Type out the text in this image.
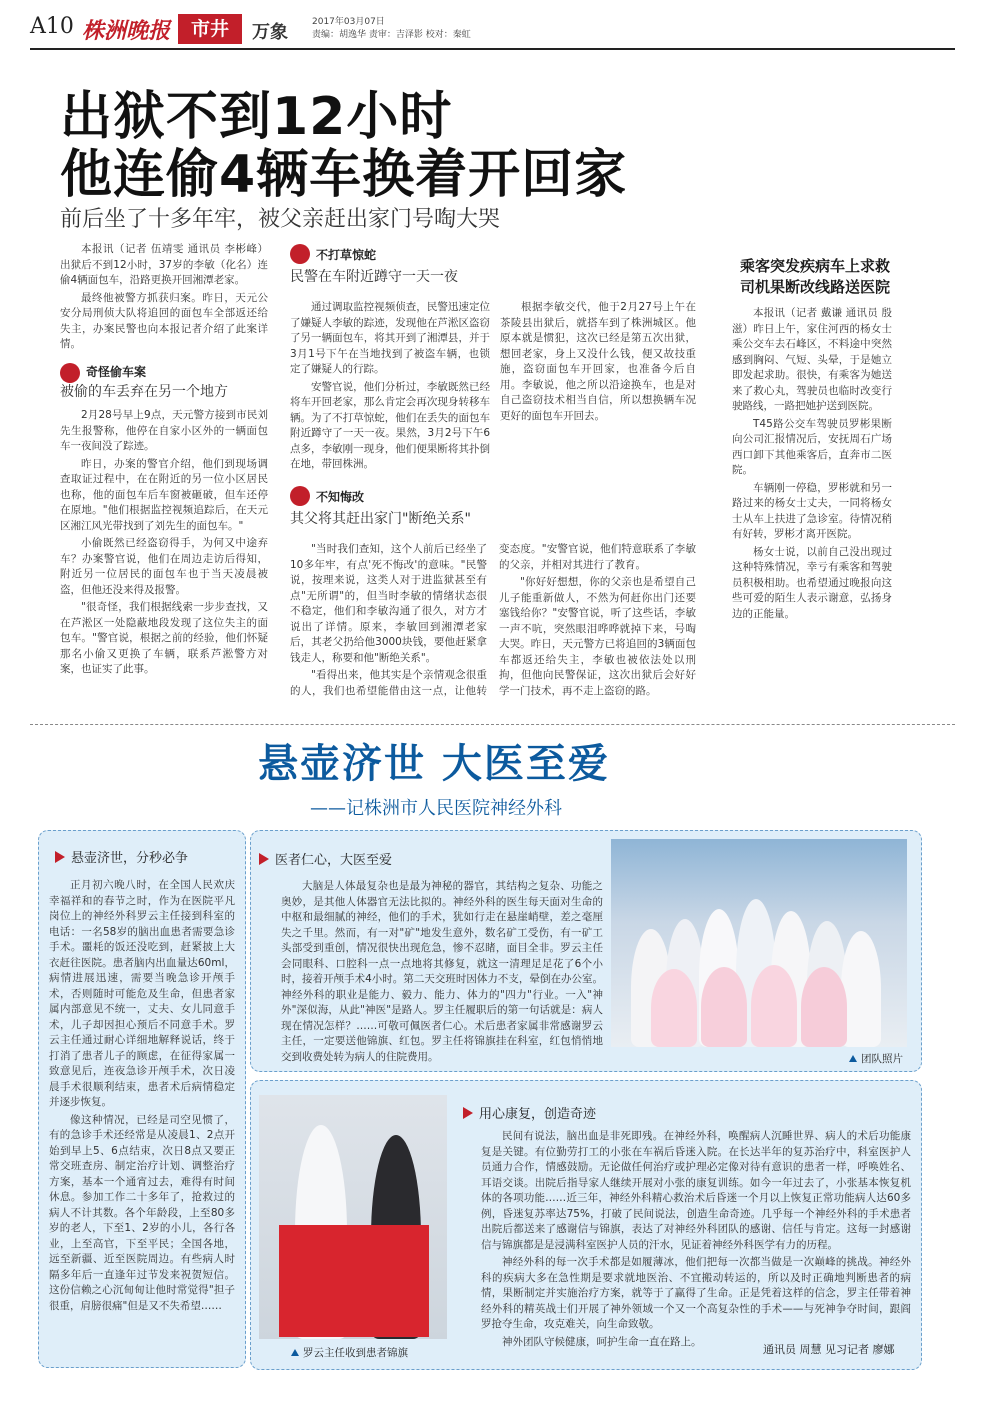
A10 株洲晚报	市井	万象	2017年03月07日
责编：胡逸华 责审：吉泽影 校对：秦虹
出狱不到12小时
他连偷4辆车换着开回家
前后坐了十多年牢，被父亲赶出家门号啕大哭

本报讯（记者 伍靖雯 通讯员 李彬峰）出狱后不到12小时，37岁的李敏（化名）连偷4辆面包车，沿路更换开回湘潭老家。

最终他被警方抓获归案。昨日，天元公安分局刑侦大队将追回的面包车全部返还给失主，办案民警也向本报记者介绍了此案详情。

奇怪偷车案
被偷的车丢弃在另一个地方

2月28号早上9点，天元警方接到市民刘先生报警称，他停在自家小区外的一辆面包车一夜间没了踪迹。

昨日，办案的警官介绍，他们到现场调查取证过程中，在在附近的另一位小区居民也称，他的面包车后车窗被砸破，但车还停在原地。"他们根据监控视频追踪后，在天元区湘江风光带找到了刘先生的面包车。"

小偷既然已经盗窃得手，为何又中途弃车？办案警官说，他们在周边走访后得知，附近另一位居民的面包车也于当天凌晨被盗，但他还没来得及报警。

"很奇怪，我们根据线索一步步查找，又在芦淞区一处隐蔽地段发现了这位失主的面包车。"警官说，根据之前的经验，他们怀疑那名小偷又更换了车辆，联系芦淞警方对案，也证实了此事。

不打草惊蛇
民警在车附近蹲守一天一夜

通过调取监控视频侦查，民警迅速定位了嫌疑人李敏的踪迹，发现他在芦淞区盗窃了另一辆面包车，将其开到了湘潭县，并于3月1号下午在当地找到了被盗车辆，也锁定了嫌疑人的行踪。

安警官说，他们分析过，李敏既然已经将车开回老家，那么肯定会再次现身转移车辆。为了不打草惊蛇，他们在丢失的面包车附近蹲守了一天一夜。果然，3月2号下午6点多，李敏刚一现身，他们便果断将其扑倒在地，带回株洲。

根据李敏交代，他于2月27号上午在茶陵县出狱后，就搭车到了株洲城区。他原本就是惯犯，这次已经是第五次出狱，想回老家，身上又没什么钱，便又故技重施，盗窃面包车开回家，也准备今后自用。李敏说，他之所以沿途换车，也是对自己盗窃技术相当自信，所以想换辆车况更好的面包车开回去。

不知悔改
其父将其赶出家门"断绝关系"

"当时我们查知，这个人前后已经坐了10多年牢，有点'死不悔改'的意味。"民警说，按理来说，这类人对于进监狱甚至有点"无所谓"的，但当时李敏的情绪状态很不稳定，他们和李敏沟通了很久，对方才说出了详情。原来，李敏回到湘潭老家后，其老父扔给他3000块钱，要他赶紧拿钱走人，称要和他"断绝关系"。

"看得出来，他其实是个亲情观念很重的人，我们也希望能借由这一点，让他转变态度。"安警官说，他们特意联系了李敏的父亲，并相对其进行了教育。

"你好好想想，你的父亲也是希望自己儿子能重新做人，不然为何赶你出门还要塞钱给你？"安警官说，听了这些话，李敏一声不吭，突然眼泪哗哗就掉下来，号啕大哭。昨日，天元警方已将追回的3辆面包车都返还给失主，李敏也被依法处以刑拘，但他向民警保证，这次出狱后会好好学一门技术，再不走上盗窃的路。

乘客突发疾病车上求救
司机果断改线路送医院

本报讯（记者 戴谦 通讯员 殷滋）昨日上午，家住河西的杨女士乘公交车去石峰区，不料途中突然感到胸闷、气短、头晕，于是她立即发起求助。很快，有乘客为她送来了救心丸，驾驶员也临时改变行驶路线，一路把她护送到医院。

T45路公交车驾驶员罗彬果断向公司汇报情况后，安抚周石广场西口卸下其他乘客后，直奔市二医院。

车辆刚一停稳，罗彬就和另一路过来的杨女士丈夫，一同将杨女士从车上扶进了急诊室。待情况稍有好转，罗彬才离开医院。

杨女士说，以前自己没出现过这种特殊情况，幸亏有乘客和驾驶员积极相助。也希望通过晚报向这些可爱的陌生人表示谢意，弘扬身边的正能量。

悬壶济世 大医至爱
——记株洲市人民医院神经外科
悬壶济世，分秒必争

正月初六晚八时，在全国人民欢庆幸福祥和的春节之时，作为在医院平凡岗位上的神经外科罗云主任接到科室的电话：一名58岁的脑出血患者需要急诊手术。噩耗的饭还没吃到，赶紧披上大衣赶往医院。患者脑内出血量达60ml，病情进展迅速，需要当晚急诊开颅手术，否则随时可能危及生命，但患者家属内部意见不统一，丈夫、女儿同意手术，儿子却因担心预后不同意手术。罗云主任通过耐心详细地解释说话，终于打消了患者儿子的顾虑，在征得家属一致意见后，连夜急诊开颅手术，次日凌晨手术很顺利结束，患者术后病情稳定并逐步恢复。

像这种情况，已经是司空见惯了，有的急诊手术还经常是从凌晨1、2点开始到早上5、6点结束，次日8点又要正常交班查房、制定治疗计划、调整治疗方案，基本一个通宵过去，难得有时间休息。参加工作二十多年了，抢救过的病人不计其数。各个年龄段，上至80多岁的老人，下至1、2岁的小儿，各行各业，上至高官，下至平民；全国各地，远至新疆、近至医院周边。有些病人时隔多年后一直逢年过节发来祝贺短信。这份信赖之心沉甸甸让他时常觉得"担子很重，肩膀很痛"但是又不失希望……

医者仁心，大医至爱

大脑是人体最复杂也是最为神秘的器官，其结构之复杂、功能之奥妙，是其他人体器官无法比拟的。神经外科的医生每天面对生命的中枢和最细腻的神经，他们的手术，犹如行走在悬崖峭壁，差之毫厘失之千里。然而，有一对"矿"地发生意外，数名矿工受伤，有一矿工头部受到重创，情况很快出现危急，惨不忍睹，面目全非。罗云主任会同眼科、口腔科一点一点地将其修复，就这一清理足足花了6个小时，接着开颅手术4小时。第二天交班时因体力不支，晕倒在办公室。神经外科的职业是能力、毅力、能力、体力的"四力"行业。一入"神外"深似海，从此"神医"是路人。罗主任履职后的第一句话就是：病人现在情况怎样？……可敬可佩医者仁心。术后患者家属非常感谢罗云主任，一定要送他锦旗、红包。罗主任将锦旗挂在科室，红包悄悄地交到收费处转为病人的住院费用。	团队照片
罗云主任收到患者锦旗
用心康复，创造奇迹

民间有说法，脑出血是非死即残。在神经外科，唤醒病人沉睡世界、病人的术后功能康复是关键。有位勤劳打工的小张在车祸后昏迷入院。在长达半年的复苏治疗中，科室医护人员通力合作，情感鼓励。无论做任何治疗或护理必定像对待有意识的患者一样，呼唤姓名、耳语交谈。出院后指导家人继续开展对小张的康复训练。如今一年过去了，小张基本恢复机体的各项功能……近三年，神经外科精心救治术后昏迷一个月以上恢复正常功能病人达60多例，昏迷复苏率达75%，打破了民间说法，创造生命奇迹。几乎每一个神经外科的手术患者出院后都送来了感谢信与锦旗，表达了对神经外科团队的感谢、信任与肯定。这每一封感谢信与锦旗都是是浸满科室医护人员的汗水，见证着神经外科医学有力的历程。

神经外科的每一次手术都是如履薄冰，他们把每一次都当做是一次巅峰的挑战。神经外科的疾病大多在急性期是要求就地医治、不宜搬动转运的，所以及时正确地判断患者的病情，果断制定并实施治疗方案，就等于了赢得了生命。正是凭着这样的信念，罗主任带着神经外科的精英战士们开展了神外领域一个又一个高复杂性的手术——与死神争夺时间，跟阎罗抢夺生命，攻克难关，向生命致敬。

神外团队守候健康，呵护生命一直在路上。

通讯员 周慧 见习记者 廖娜
